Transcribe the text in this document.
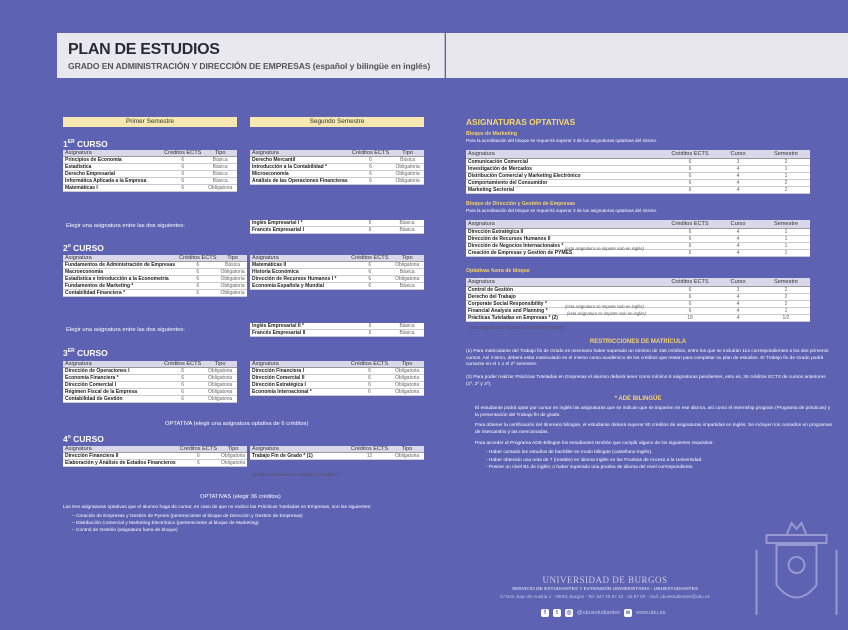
PLAN DE ESTUDIOS
GRADO EN ADMINISTRACIÓN Y DIRECCIÓN DE EMPRESAS (español y bilingüe en inglés)
Primer Semestre	Segundo Semestre
UNIVERSIDAD DE BURGOS
SERVICIO DE ESTUDIANTES Y EXTENSIÓN UNIVERSITARIA - UBUESTUDIANTES
C/ Don Juan de Austria 1 · 09001 Burgos · Tel. 947 25 87 43 - 25 87 00 · mail: ubuestudiantes@ubu.es
f	t	◎ @ubuestudiantes w	www.ubu.es
1ER CURSO
Asignatura	Créditos ECTS	Tipo
Principios de Economía	6	Básica
Estadística	6	Básica
Derecho Empresarial	6	Básica
Informática Aplicada a la Empresa	6	Básica
Matemáticas I	6	Obligatoria
Asignatura	Créditos ECTS	Tipo
Derecho Mercantil	6	Básica
Introducción a la Contabilidad *	6	Obligatoria
Microeconomía	6	Obligatoria
Análisis de las Operaciones Financieras	6	Obligatoria
Elegir una asignatura entre las dos siguientes:	Inglés Empresarial I *	6	Básica
Francés Empresarial I	6	Básica
2$^o$ CURSO
Asignatura	Créditos ECTS	Tipo
Fundamentos de Administración de Empresas	6	Básica
Macroeconomía	6	Obligatoria
Estadística e Introducción a la Econometría	6	Obligatoria
Fundamentos de Marketing *	6	Obligatoria
Contabilidad Financiera *	6	Obligatoria
Asignatura	Créditos ECTS	Tipo
Matemáticas II	6	Obligatoria
Historia Económica	6	Básica
Dirección de Recursos Humanos I *	6	Obligatoria
Economía Española y Mundial	6	Básica
Elegir una asignatura entre las dos siguientes:
Inglés Empresarial II *	6	Básica
Francés Empresarial II	6	Básica
3ER CURSO
Asignatura	Créditos ECTS	Tipo
Dirección de Operaciones I	6	Obligatoria
Economía Financiera *	6	Obligatoria
Dirección Comercial I	6	Obligatoria
Régimen Fiscal de la Empresa	6	Obligatoria
Contabilidad de Gestión	6	Obligatoria
Asignatura	Créditos ECTS	Tipo
Dirección Financiera I	6	Obligatoria
Dirección Comercial II	6	Obligatoria
Dirección Estratégica I	6	Obligatoria
Economía Internacional *	6	Obligatoria
OPTATIVA (elegir una asignatura optativa de 6 créditos)
4$^o$ CURSO
Asignatura	Créditos ECTS	Tipo
Dirección Financiera II	6	Obligatoria
Elaboración y Análisis de Estados Financieros	6	Obligatoria
Asignatura	Créditos ECTS	Tipo
Trabajo Fin de Grado * (1)	12	Obligatoria
(puede presentarse en español o en inglés)
OPTATIVAS (elegir 36 créditos)
Las tres asignaturas optativas que el alumno haga de cursar, en caso de que no realice las Prácticas Tuteladas en Empresas, son las siguientes:
– Creación de Empresas y Gestión de Pymes (perteneciente al bloque de Dirección y Gestión de Empresas)
– Distribución Comercial y Marketing Electrónico (perteneciente al bloque de Marketing)
– Control de Gestión (asignatura fuera de bloque)
ASIGNATURAS OPTATIVAS
Bloque de Marketing
Para la acreditación del bloque se requerirá superar 3 de las asignaturas optativas del mismo.
Asignatura	Créditos ECTS	Curso	Semestre
Comunicación Comercial	6	3	2
Investigación de Mercados	6	4	1
Distribución Comercial y Marketing Electrónico	6	4	1
Comportamiento del Consumidor	6	4	2
Marketing Sectorial	6	4	2
Bloque de Dirección y Gestión de Empresas
Para la acreditación del bloque se requerirá superar 3 de las asignaturas optativas del mismo.
Asignatura	Créditos ECTS	Curso	Semestre
Dirección Estratégica II	6	4	1
Dirección de Recursos Humanos II	6	4	1
Dirección de Negocios Internacionales *	6	4	1
Creación de Empresas y Gestión de PYMES	6	4	1
(esta asignatura se imparte solo en inglés)
Optativas fuera de bloque
Asignatura	Créditos ECTS	Curso	Semestre
Control de Gestión	6	3	2
Derecho del Trabajo	6	4	2
Corporate Social Responsibility *	6	4	2
Financial Analysis and Planning *	6	4	1
Prácticas Tuteladas en Empresas * (2)	18	4	1/2
(esta asignatura se imparte solo en inglés)
(esta asignatura se imparte solo en inglés)
(esta asignatura se imparte en español o en inglés)
RESTRICCIONES DE MATRÍCULA
(1) Para matricularse del Trabajo fin de Grado es necesario haber superado un mínimo de 156 créditos, entre los que se incluirán 114 correspondientes a los dos primeros cursos. Así mismo, deberá estar matriculado en el mismo curso académico de los créditos que restan para completar su plan de estudios. El Trabajo fin de Grado podrá cursarse en el 1 o el 2º semestre.
(2) Para poder realizar Prácticas Tuteladas en Empresas el alumno deberá tener como mínimo 6 asignaturas pendientes, esto es, 36 créditos ECTS de cursos anteriores (1º, 2º y 3º).
* ADE BILINGÜE
El estudiante podrá optar por cursar en inglés las asignaturas que se indican que se imparten en ese idioma, así como el Internship program (Programa de prácticas) y la presentación del Trabajo fin de grado.
Para obtener la certificación del Itinerario bilingüe, el estudiante deberá superar 90 créditos de asignaturas impartidas en inglés. Se incluyen los cursados en programas de intercambio y las mencionadas.
Para acceder al Programa ADE-Bilingüe los estudiantes tendrán que cumplir alguno de los siguientes requisitos:
- Haber cursado los estudios de bachiller en modo bilingüe (castellano-inglés).
- Haber obtenido una nota de 7 (notable) en idioma inglés en las Pruebas de Acceso a la Universidad.
- Poseer un nivel B1 de inglés; o haber superado una prueba de idioma del nivel correspondiente.
